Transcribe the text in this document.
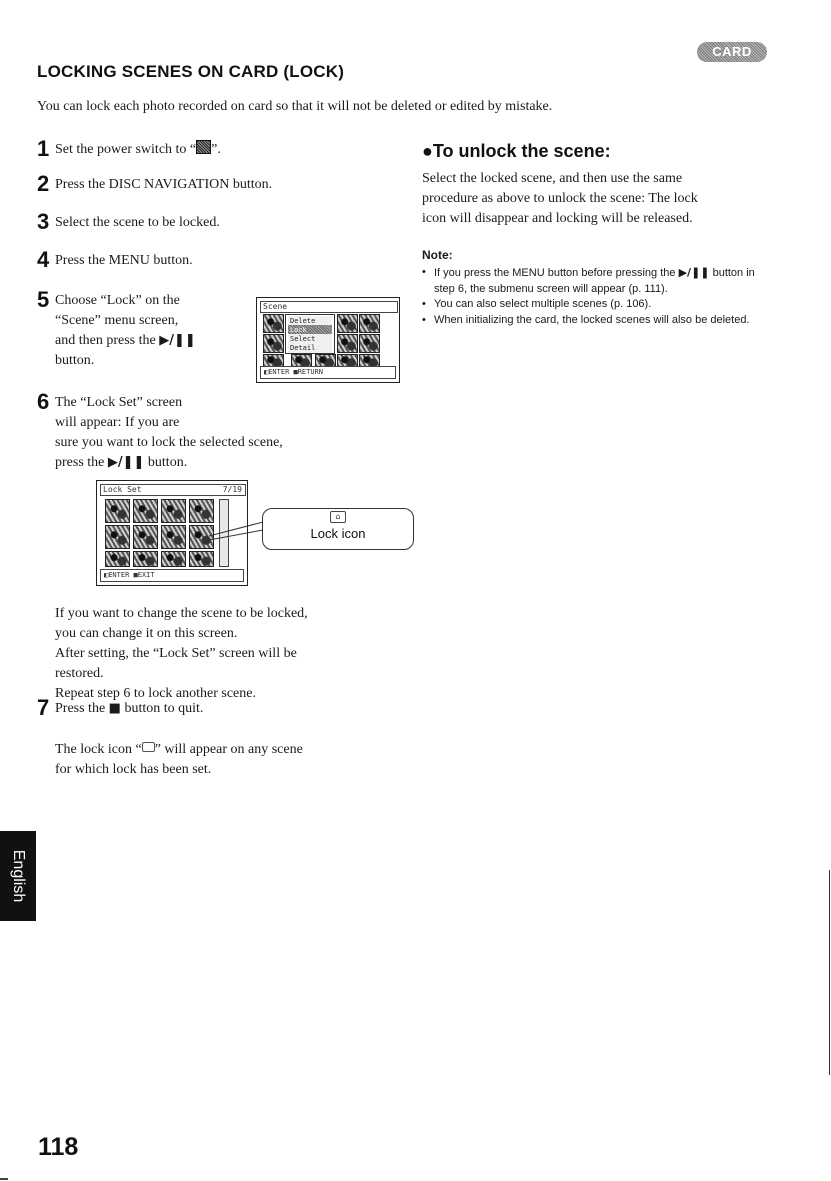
LOCKING SCENES ON CARD (LOCK)
CARD
You can lock each photo recorded on card so that it will not be deleted or edited by mistake.
1 Set the power switch to “ ”.
2 Press the DISC NAVIGATION button.
3 Select the scene to be locked.
4 Press the MENU button.
5 Choose “Lock” on the
“Scene” menu screen,
and then press the ▶/❚❚
button.
Scene
Delete
Lock
Select
Detail
◧ENTER ■RETURN
6 The “Lock Set” screen
will appear: If you are
sure you want to lock the selected scene,
press the ▶/❚❚ button.
Lock Set	7/19
◧ENTER ■EXIT
⌂
Lock icon
If you want to change the scene to be locked,
you can change it on this screen.
After setting, the “Lock Set” screen will be
restored.
Repeat step 6 to lock another scene.
7 Press the ■ button to quit.
The lock icon “ ” will appear on any scene
for which lock has been set.
●To unlock the scene:
Select the locked scene, and then use the same
procedure as above to unlock the scene: The lock
icon will disappear and locking will be released.
Note:
• If you press the MENU button before pressing the ▶/❚❚ button in step 6, the submenu screen will appear (p. 111).
• You can also select multiple scenes (p. 106).
• When initializing the card, the locked scenes will also be deleted.
English
118
